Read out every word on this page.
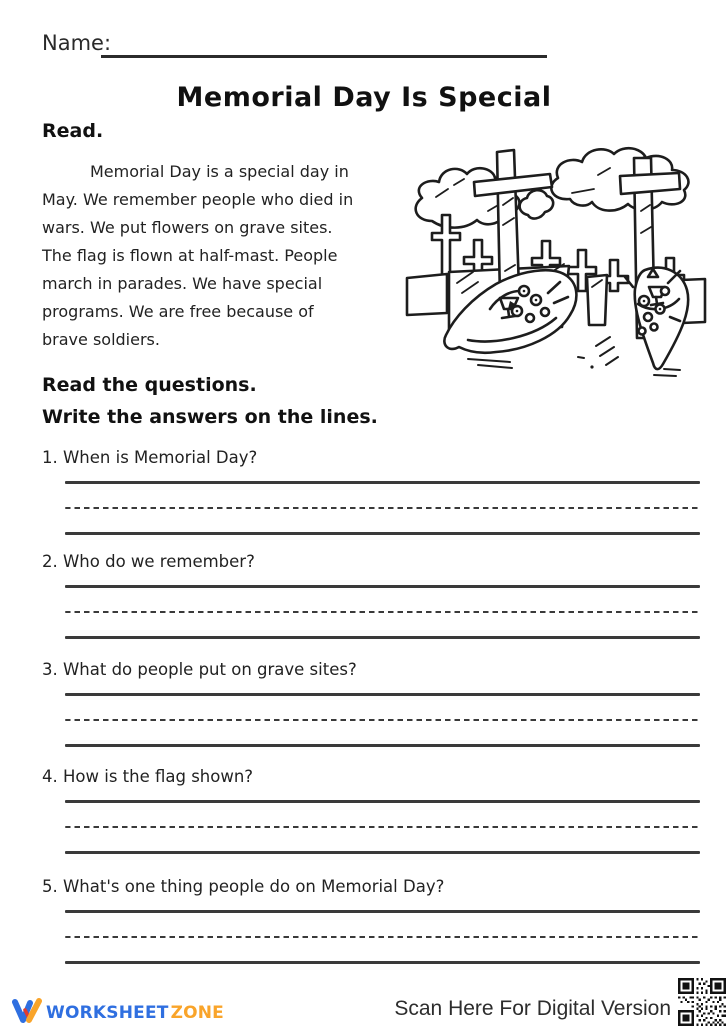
Name:
Memorial Day Is Special
Read.
Memorial Day is a special day in
May. We remember people who died in
wars. We put flowers on grave sites.
The flag is flown at half-mast. People
march in parades. We have special
programs. We are free because of
brave soldiers.
Read the questions.
Write the answers on the lines.
1. When is Memorial Day?
2. Who do we remember?
3. What do people put on grave sites?
4. How is the flag shown?
5. What's one thing people do on Memorial Day?
WORKSHEET ZONE	Scan Here For Digital Version
